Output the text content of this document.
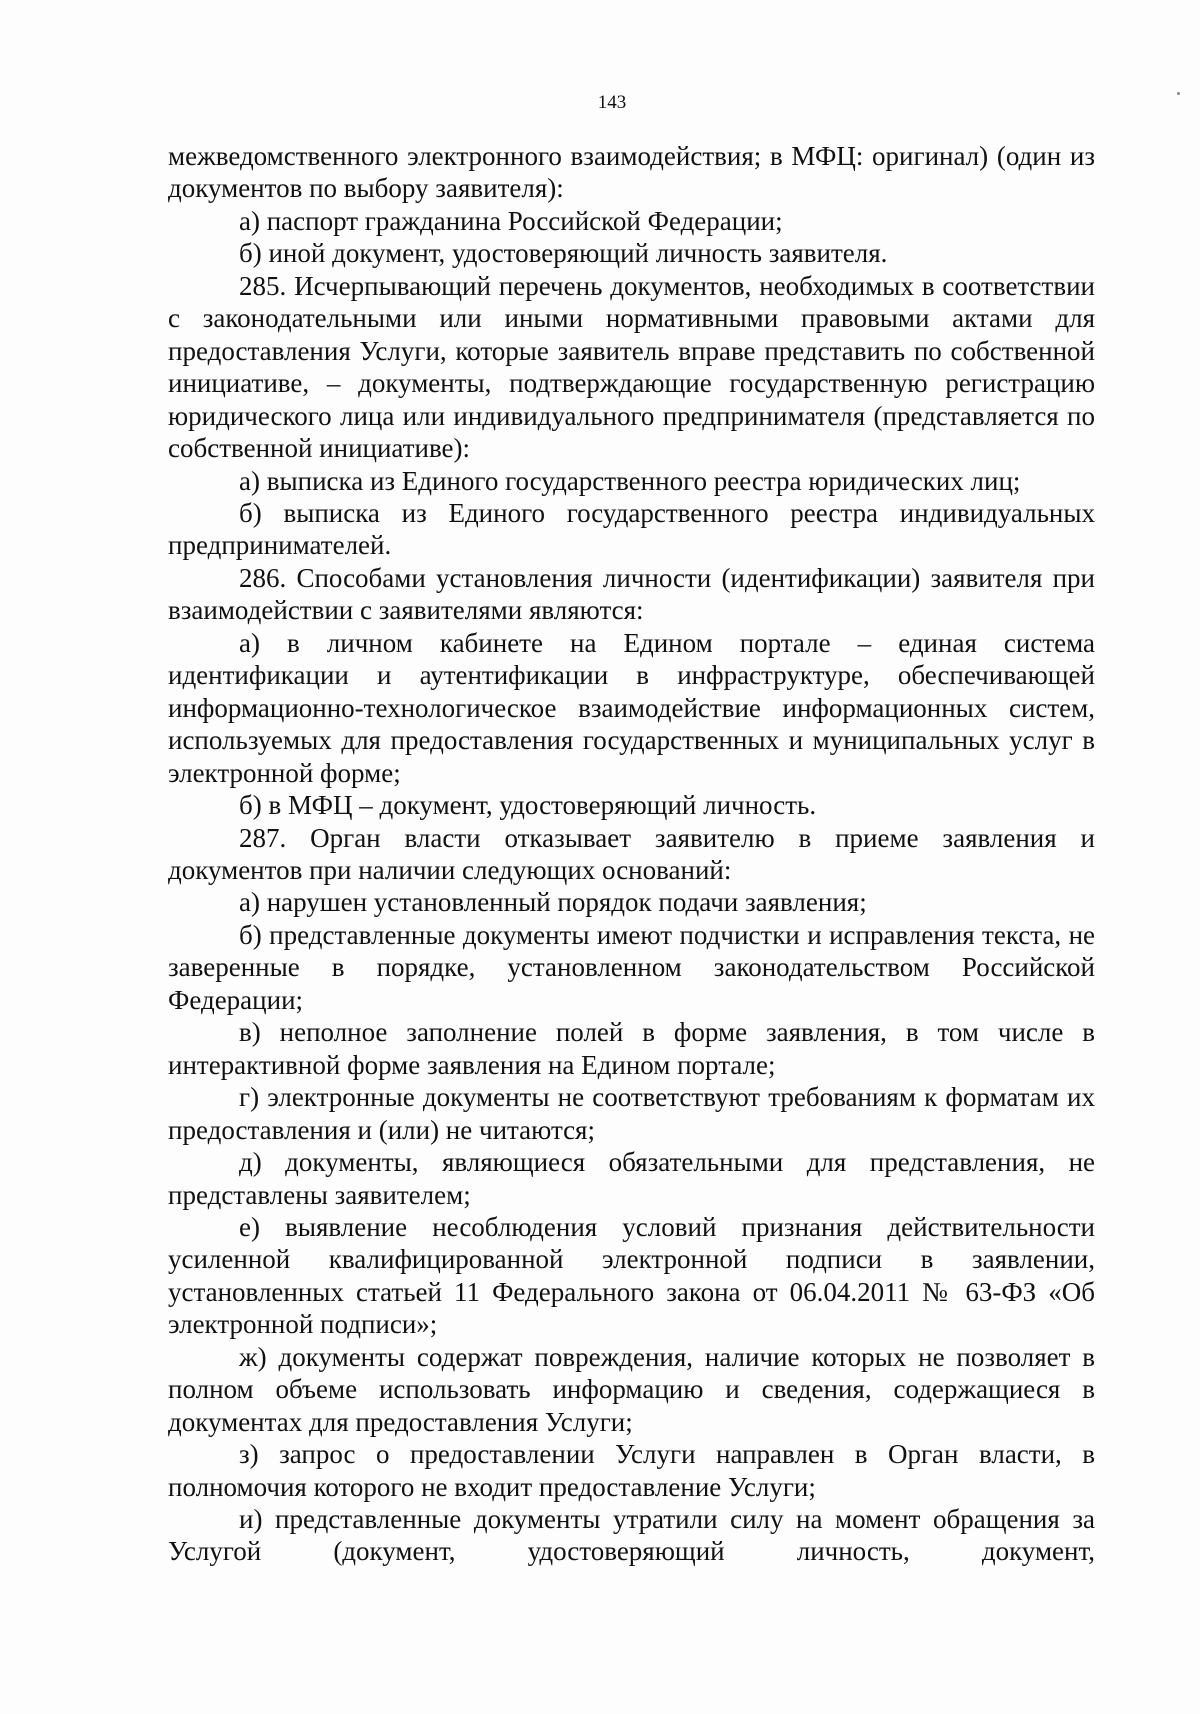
143

межведомственного электронного взаимодействия; в МФЦ: оригинал) (один из документов по выбору заявителя):

а) паспорт гражданина Российской Федерации;

б) иной документ, удостоверяющий личность заявителя.

285. Исчерпывающий перечень документов, необходимых в соответствии с законодательными или иными нормативными правовыми актами для предоставления Услуги, которые заявитель вправе представить по собственной инициативе, – документы, подтверждающие государственную регистрацию юридического лица или индивидуального предпринимателя (представляется по собственной инициативе):

а) выписка из Единого государственного реестра юридических лиц;

б) выписка из Единого государственного реестра индивидуальных предпринимателей.

286. Способами установления личности (идентификации) заявителя при взаимодействии с заявителями являются:

а) в личном кабинете на Едином портале – единая система идентификации и аутентификации в инфраструктуре, обеспечивающей информационно-технологическое взаимодействие информационных систем, используемых для предоставления государственных и муниципальных услуг в электронной форме;

б) в МФЦ – документ, удостоверяющий личность.

287. Орган власти отказывает заявителю в приеме заявления и документов при наличии следующих оснований:

а) нарушен установленный порядок подачи заявления;

б) представленные документы имеют подчистки и исправления текста, не заверенные в порядке, установленном законодательством Российской Федерации;

в) неполное заполнение полей в форме заявления, в том числе в интерактивной форме заявления на Едином портале;

г) электронные документы не соответствуют требованиям к форматам их предоставления и (или) не читаются;

д) документы, являющиеся обязательными для представления, не представлены заявителем;

е) выявление несоблюдения условий признания действительности усиленной квалифицированной электронной подписи в заявлении, установленных статьей 11 Федерального закона от 06.04.2011 № 63-ФЗ «Об электронной подписи»;

ж) документы содержат повреждения, наличие которых не позволяет в полном объеме использовать информацию и сведения, содержащиеся в документах для предоставления Услуги;

з) запрос о предоставлении Услуги направлен в Орган власти, в полномочия которого не входит предоставление Услуги;

и) представленные документы утратили силу на момент обращения за Услугой (документ, удостоверяющий личность, документ,
